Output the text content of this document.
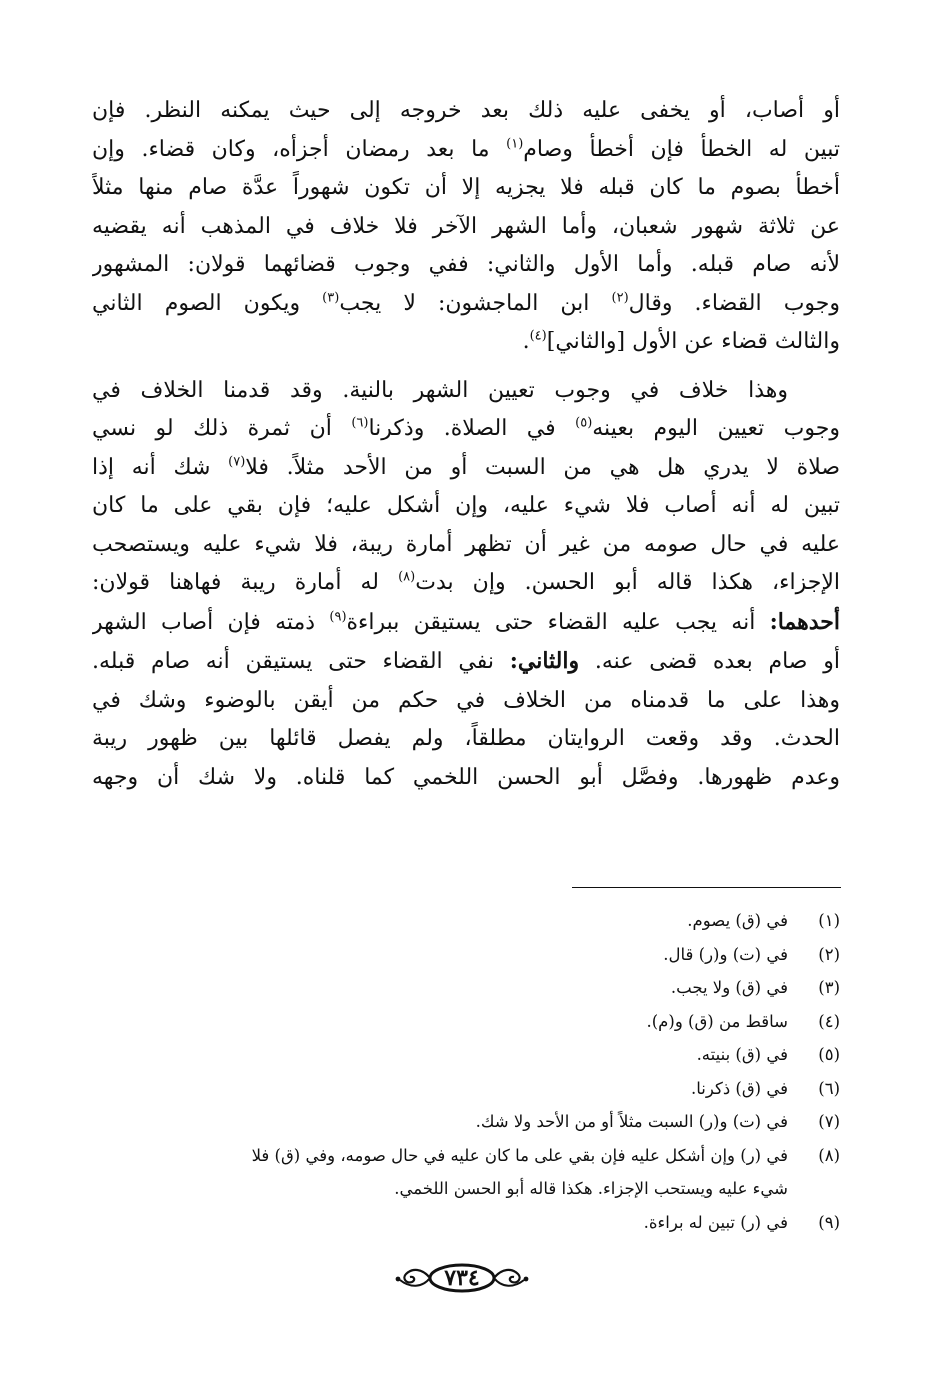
أو أصاب، أو يخفى عليه ذلك بعد خروجه إلى حيث يمكنه النظر. فإن
تبين له الخطأ فإن أخطأ وصام$^{(١)}$ ما بعد رمضان أجزأه، وكان قضاء. وإن
أخطأ بصوم ما كان قبله فلا يجزيه إلا أن تكون شهوراً عدَّة صام منها مثلاً
عن ثلاثة شهور شعبان، وأما الشهر الآخر فلا خلاف في المذهب أنه يقضيه
لأنه صام قبله. وأما الأول والثاني: ففي وجوب قضائهما قولان: المشهور
وجوب القضاء. وقال$^{(٢)}$ ابن الماجشون: لا يجب$^{(٣)}$ ويكون الصوم الثاني
والثالث قضاء عن الأول [والثاني]$^{(٤)}$.

وهذا خلاف في وجوب تعيين الشهر بالنية. وقد قدمنا الخلاف في
وجوب تعيين اليوم بعينه$^{(٥)}$ في الصلاة. وذكرنا$^{(٦)}$ أن ثمرة ذلك لو نسي
صلاة لا يدري هل هي من السبت أو من الأحد مثلاً. فلا$^{(٧)}$ شك أنه إذا
تبين له أنه أصاب فلا شيء عليه، وإن أشكل عليه؛ فإن بقي على ما كان
عليه في حال صومه من غير أن تظهر أمارة ريبة، فلا شيء عليه ويستصحب
الإجزاء، هكذا قاله أبو الحسن. وإن بدت$^{(٨)}$ له أمارة ريبة فهاهنا قولان:
أحدهما: أنه يجب عليه القضاء حتى يستيقن ببراءة$^{(٩)}$ ذمته فإن أصاب الشهر
أو صام بعده قضى عنه. والثاني: نفي القضاء حتى يستيقن أنه صام قبله.
وهذا على ما قدمناه من الخلاف في حكم من أيقن بالوضوء وشك في
الحدث. وقد وقعت الروايتان مطلقاً، ولم يفصل قائلها بين ظهور ريبة
وعدم ظهورها. وفصَّل أبو الحسن اللخمي كما قلناه. ولا شك أن وجهه

(١)
في (ق) يصوم.
(٢)
في (ت) و(ر) قال.
(٣)
في (ق) ولا يجب.
(٤)
ساقط من (ق) و(م).
(٥)
في (ق) بنيته.
(٦)
في (ق) ذكرنا.
(٧)
في (ت) و(ر) السبت مثلاً أو من الأحد ولا شك.
(٨)
في (ر) وإن أشكل عليه فإن بقي على ما كان عليه في حال صومه، وفي (ق) فلا
شيء عليه ويستحب الإجزاء. هكذا قاله أبو الحسن اللخمي.
(٩)
في (ر) تبين له براءة.
٧٣٤
